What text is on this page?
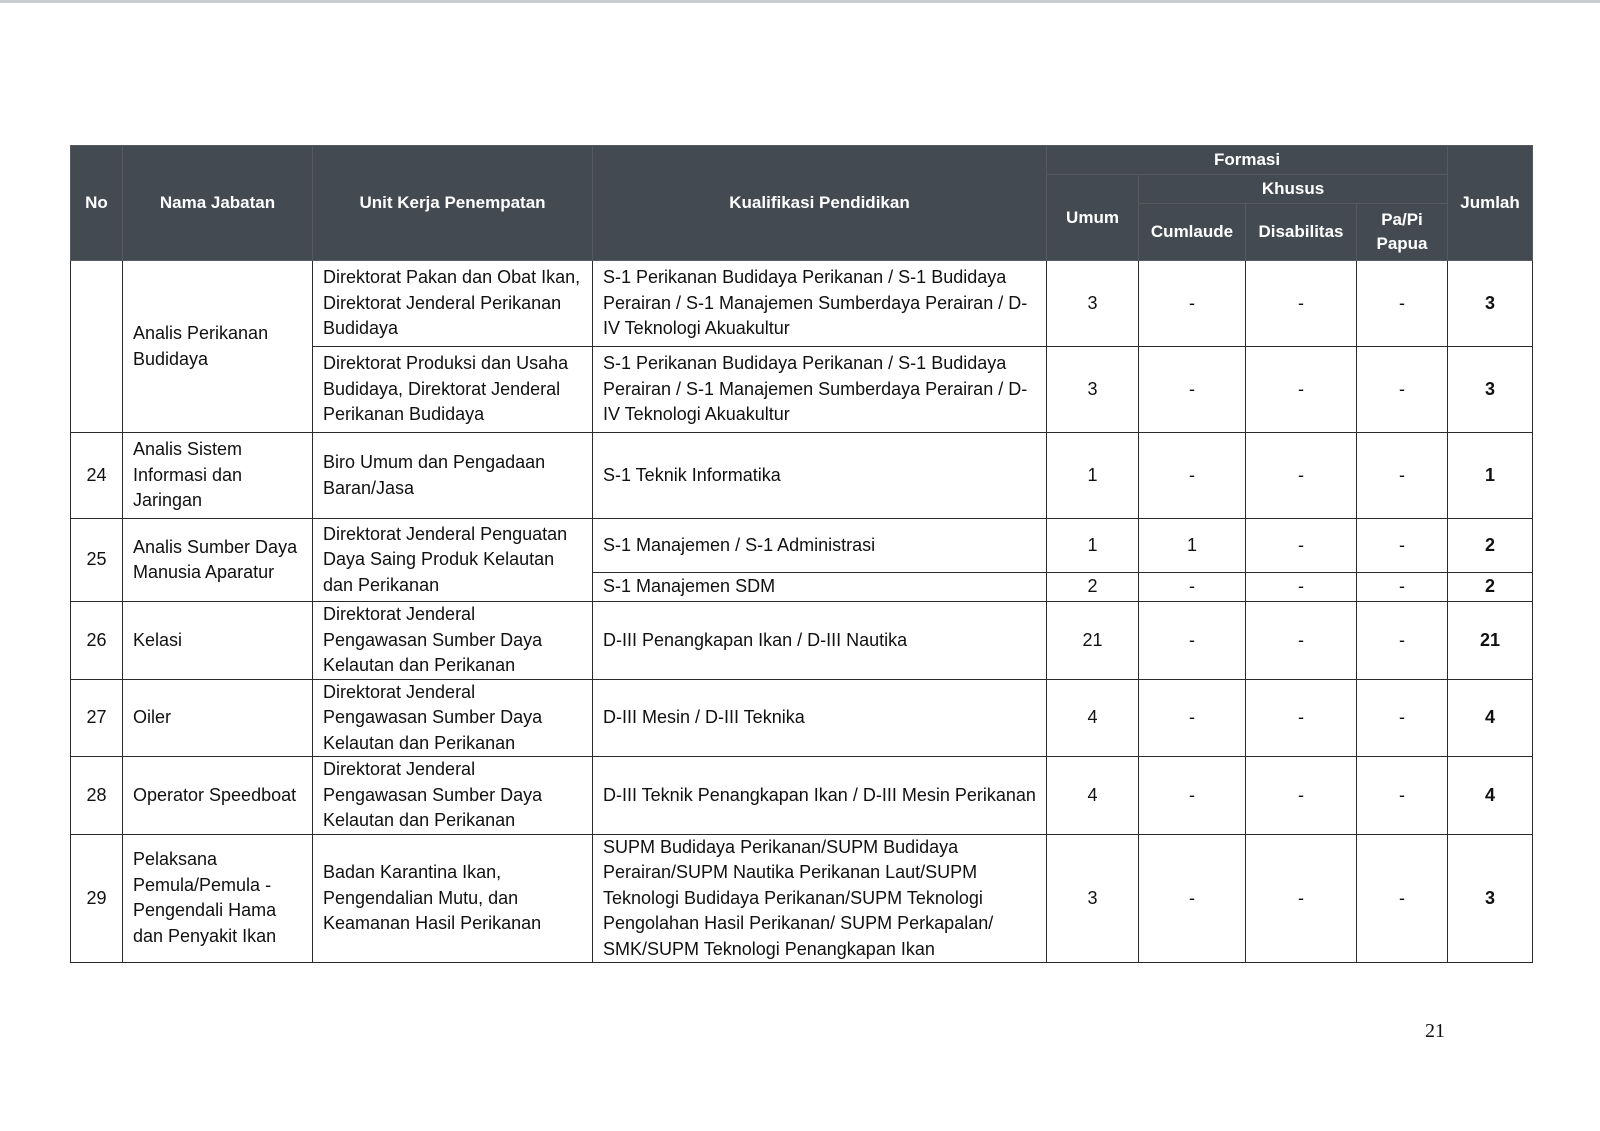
No	Nama Jabatan	Unit Kerja Penempatan	Kualifikasi Pendidikan	Formasi				Jumlah
				Umum	Khusus			
					Cumlaude	Disabilitas	Pa/Pi Papua	
	Analis Perikanan Budidaya	Direktorat Pakan dan Obat Ikan, Direktorat Jenderal Perikanan Budidaya	S-1 Perikanan Budidaya Perikanan / S-1 Budidaya Perairan / S-1 Manajemen Sumberdaya Perairan / D-IV Teknologi Akuakultur	3	-	-	-	3
		Direktorat Produksi dan Usaha Budidaya, Direktorat Jenderal Perikanan Budidaya	S-1 Perikanan Budidaya Perikanan / S-1 Budidaya Perairan / S-1 Manajemen Sumberdaya Perairan / D-IV Teknologi Akuakultur	3	-	-	-	3
24	Analis Sistem Informasi dan Jaringan	Biro Umum dan Pengadaan Baran/Jasa	S-1 Teknik Informatika	1	-	-	-	1
25	Analis Sumber Daya Manusia Aparatur	Direktorat Jenderal Penguatan Daya Saing Produk Kelautan dan Perikanan	S-1 Manajemen / S-1 Administrasi	1	1	-	-	2
			S-1 Manajemen SDM	2	-	-	-	2
26	Kelasi	Direktorat Jenderal Pengawasan Sumber Daya Kelautan dan Perikanan	D-III Penangkapan Ikan / D-III Nautika	21	-	-	-	21
27	Oiler	Direktorat Jenderal Pengawasan Sumber Daya Kelautan dan Perikanan	D-III Mesin / D-III Teknika	4	-	-	-	4
28	Operator Speedboat	Direktorat Jenderal Pengawasan Sumber Daya Kelautan dan Perikanan	D-III Teknik Penangkapan Ikan / D-III Mesin Perikanan	4	-	-	-	4
29	Pelaksana Pemula/Pemula - Pengendali Hama dan Penyakit Ikan	Badan Karantina Ikan, Pengendalian Mutu, dan Keamanan Hasil Perikanan	SUPM Budidaya Perikanan/SUPM Budidaya Perairan/SUPM Nautika Perikanan Laut/SUPM Teknologi Budidaya Perikanan/SUPM Teknologi Pengolahan Hasil Perikanan/ SUPM Perkapalan/ SMK/SUPM Teknologi Penangkapan Ikan	3	-	-	-	3
21
